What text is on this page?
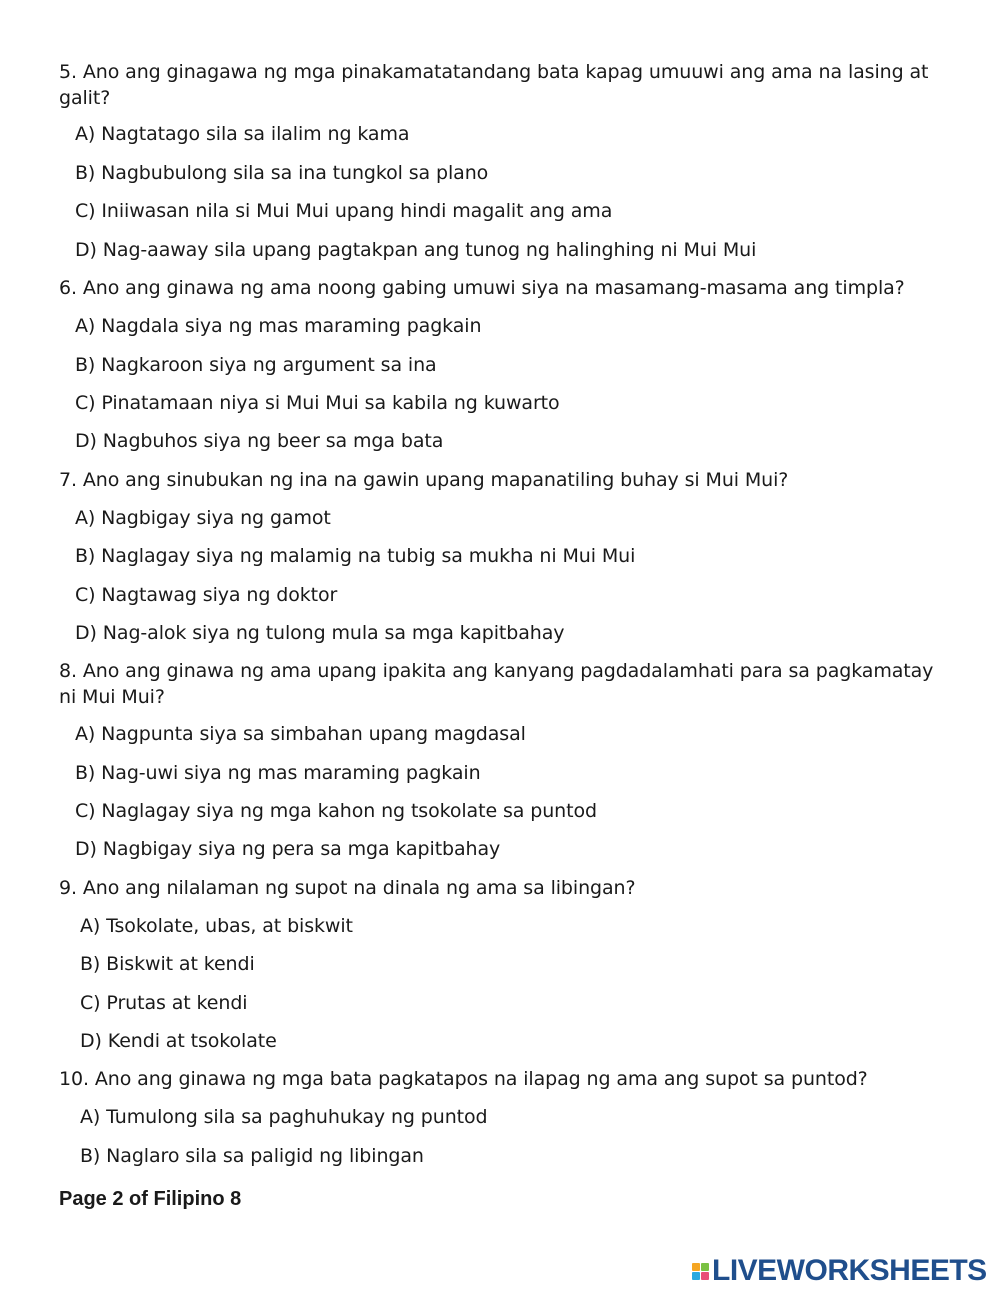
5. Ano ang ginagawa ng mga pinakamatatandang bata kapag umuuwi ang ama na lasing at galit?
A) Nagtatago sila sa ilalim ng kama
B) Nagbubulong sila sa ina tungkol sa plano
C) Iniiwasan nila si Mui Mui upang hindi magalit ang ama
D) Nag-aaway sila upang pagtakpan ang tunog ng halinghing ni Mui Mui
6. Ano ang ginawa ng ama noong gabing umuwi siya na masamang-masama ang timpla?
A) Nagdala siya ng mas maraming pagkain
B) Nagkaroon siya ng argument sa ina
C) Pinatamaan niya si Mui Mui sa kabila ng kuwarto
D) Nagbuhos siya ng beer sa mga bata
7. Ano ang sinubukan ng ina na gawin upang mapanatiling buhay si Mui Mui?
A) Nagbigay siya ng gamot
B) Naglagay siya ng malamig na tubig sa mukha ni Mui Mui
C) Nagtawag siya ng doktor
D) Nag-alok siya ng tulong mula sa mga kapitbahay
8. Ano ang ginawa ng ama upang ipakita ang kanyang pagdadalamhati para sa pagkamatay ni Mui Mui?
A) Nagpunta siya sa simbahan upang magdasal
B) Nag-uwi siya ng mas maraming pagkain
C) Naglagay siya ng mga kahon ng tsokolate sa puntod
D) Nagbigay siya ng pera sa mga kapitbahay
9. Ano ang nilalaman ng supot na dinala ng ama sa libingan?
A) Tsokolate, ubas, at biskwit
B) Biskwit at kendi
C) Prutas at kendi
D) Kendi at tsokolate
10. Ano ang ginawa ng mga bata pagkatapos na ilapag ng ama ang supot sa puntod?
A) Tumulong sila sa paghuhukay ng puntod
B) Naglaro sila sa paligid ng libingan
Page 2 of Filipino 8
LIVEWORKSHEETS
